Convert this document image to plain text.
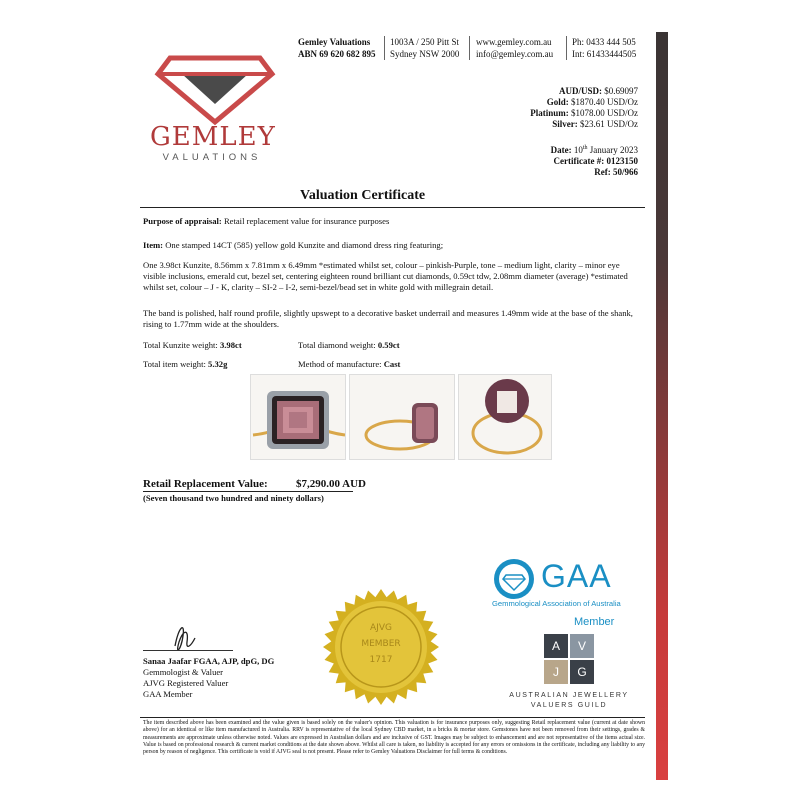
Gemley Valuations
ABN 69 620 682 895
1003A / 250 Pitt St
Sydney NSW 2000
www.gemley.com.au
info@gemley.com.au
Ph: 0433 444 505
Int: 61433444505
GEMLEY
VALUATIONS
AUD/USD: $0.69097
Gold: $1870.40 USD/Oz
Platinum: $1078.00 USD/Oz
Silver: $23.61 USD/Oz
Date: 10th January 2023
Certificate #: 0123150
Ref: 50/966
Valuation Certificate
Purpose of appraisal: Retail replacement value for insurance purposes
Item: One stamped 14CT (585) yellow gold Kunzite and diamond dress ring featuring;
One 3.98ct Kunzite, 8.56mm x 7.81mm x 6.49mm *estimated whilst set, colour – pinkish-Purple, tone – medium light, clarity – minor eye visible inclusions, emerald cut, bezel set, centering eighteen round brilliant cut diamonds, 0.59ct tdw, 2.08mm diameter (average) *estimated whilst set, colour – J - K, clarity – SI-2 – I-2, semi-bezel/bead set in white gold with millegrain detail.
The band is polished, half round profile, slightly upswept to a decorative basket underrail and measures 1.49mm wide at the base of the shank, rising to 1.77mm wide at the shoulders.
Total Kunzite weight: 3.98ct	Total diamond weight: 0.59ct
Total item weight: 5.32g	Method of manufacture: Cast
Retail Replacement Value:	$7,290.00 AUD
(Seven thousand two hundred and ninety dollars)
AJVG
MEMBER
1717
Sanaa Jaafar FGAA, AJP, dpG, DG
Gemmologist & Valuer
AJVG Registered Valuer
GAA Member
GAA
Gemmological Association of Australia
Member
A	V
J	G
AUSTRALIAN JEWELLERY
VALUERS GUILD
The item described above has been examined and the value given is based solely on the valuer's opinion. This valuation is for insurance purposes only, suggesting Retail replacement value (current at date shown above) for an identical or like item manufactured in Australia. RRV is representative of the local Sydney CBD market, in a bricks & mortar store. Gemstones have not been removed from their settings, grades & measurements are approximate unless otherwise noted. Values are expressed in Australian dollars and are inclusive of GST. Images may be subject to enhancement and are not representative of the items actual size. Value is based on professional research & current market conditions at the date shown above. Whilst all care is taken, no liability is accepted for any errors or omissions in the certificate, including any liability to any person by reason of negligence. This certificate is void if AJVG seal is not present. Please refer to Gemley Valuations Disclaimer for full terms & conditions.
